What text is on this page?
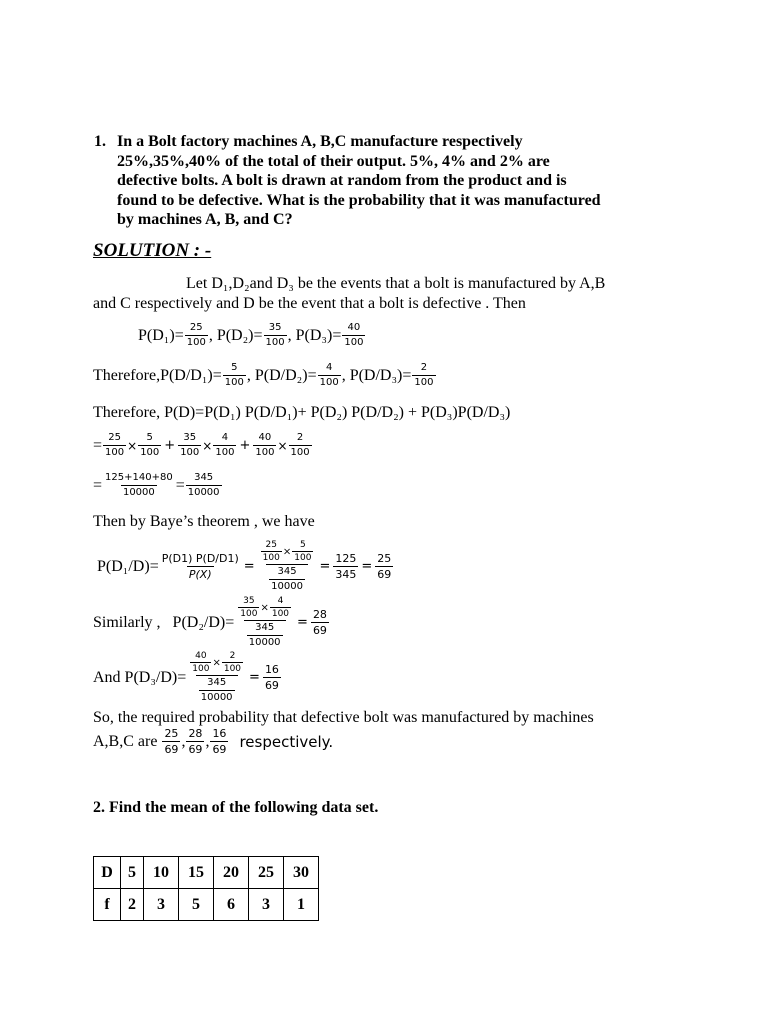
1. In a Bolt factory machines A, B,C manufacture respectively
25%,35%,40% of the total of their output. 5%, 4% and 2% are
defective bolts. A bolt is drawn at random from the product and is
found to be defective. What is the probability that it was manufactured
by machines A, B, and C?
SOLUTION : -
Let D₁,D₂and D₃ be the events that a bolt is manufactured by A,B
and C respectively and D be the event that a bolt is defective . Then
$P(D_1)= \frac{25}{100}$ , $P(D_2)= \frac{35}{100}$ , $P(D_3)= \frac{40}{100}$
Therefore, $P(D/D_1)= \frac{5}{100}$ , $P(D/D_2)= \frac{4}{100}$ , $P(D/D_3)= \frac{2}{100}$
Therefore, P(D)=P(D₁) P(D/D₁)+ P(D₂) P(D/D₂) + P(D₃)P(D/D₃)
= $\frac{25}{100} \times \frac{5}{100} + \frac{35}{100} \times \frac{4}{100} + \frac{40}{100} \times \frac{2}{100}$
= $\frac{125+140+80}{10000} = \frac{345}{10000}$
Then by Baye’s theorem , we have
$P(D_1/D)= \frac{P(D1) P(D/D1)}{P(X)} = \frac{\frac{25}{100} \times \frac{5}{100}}{\frac{345}{10000}} = \frac{125}{345} = \frac{25}{69}$
Similarly ,   $P(D_2/D)= \frac{\frac{35}{100} \times \frac{4}{100}}{\frac{345}{10000}} = \frac{28}{69}$
And $P(D_3/D)= \frac{\frac{40}{100} \times \frac{2}{100}}{\frac{345}{10000}} = \frac{16}{69}$
So, the required probability that defective bolt was manufactured by machines
A,B,C are $\frac{25}{69}$ , $\frac{28}{69}$ , $\frac{16}{69}$ respectively.
2. Find the mean of the following data set.
D	5	10	15	20	25	30
f	2	3	5	6	3	1
